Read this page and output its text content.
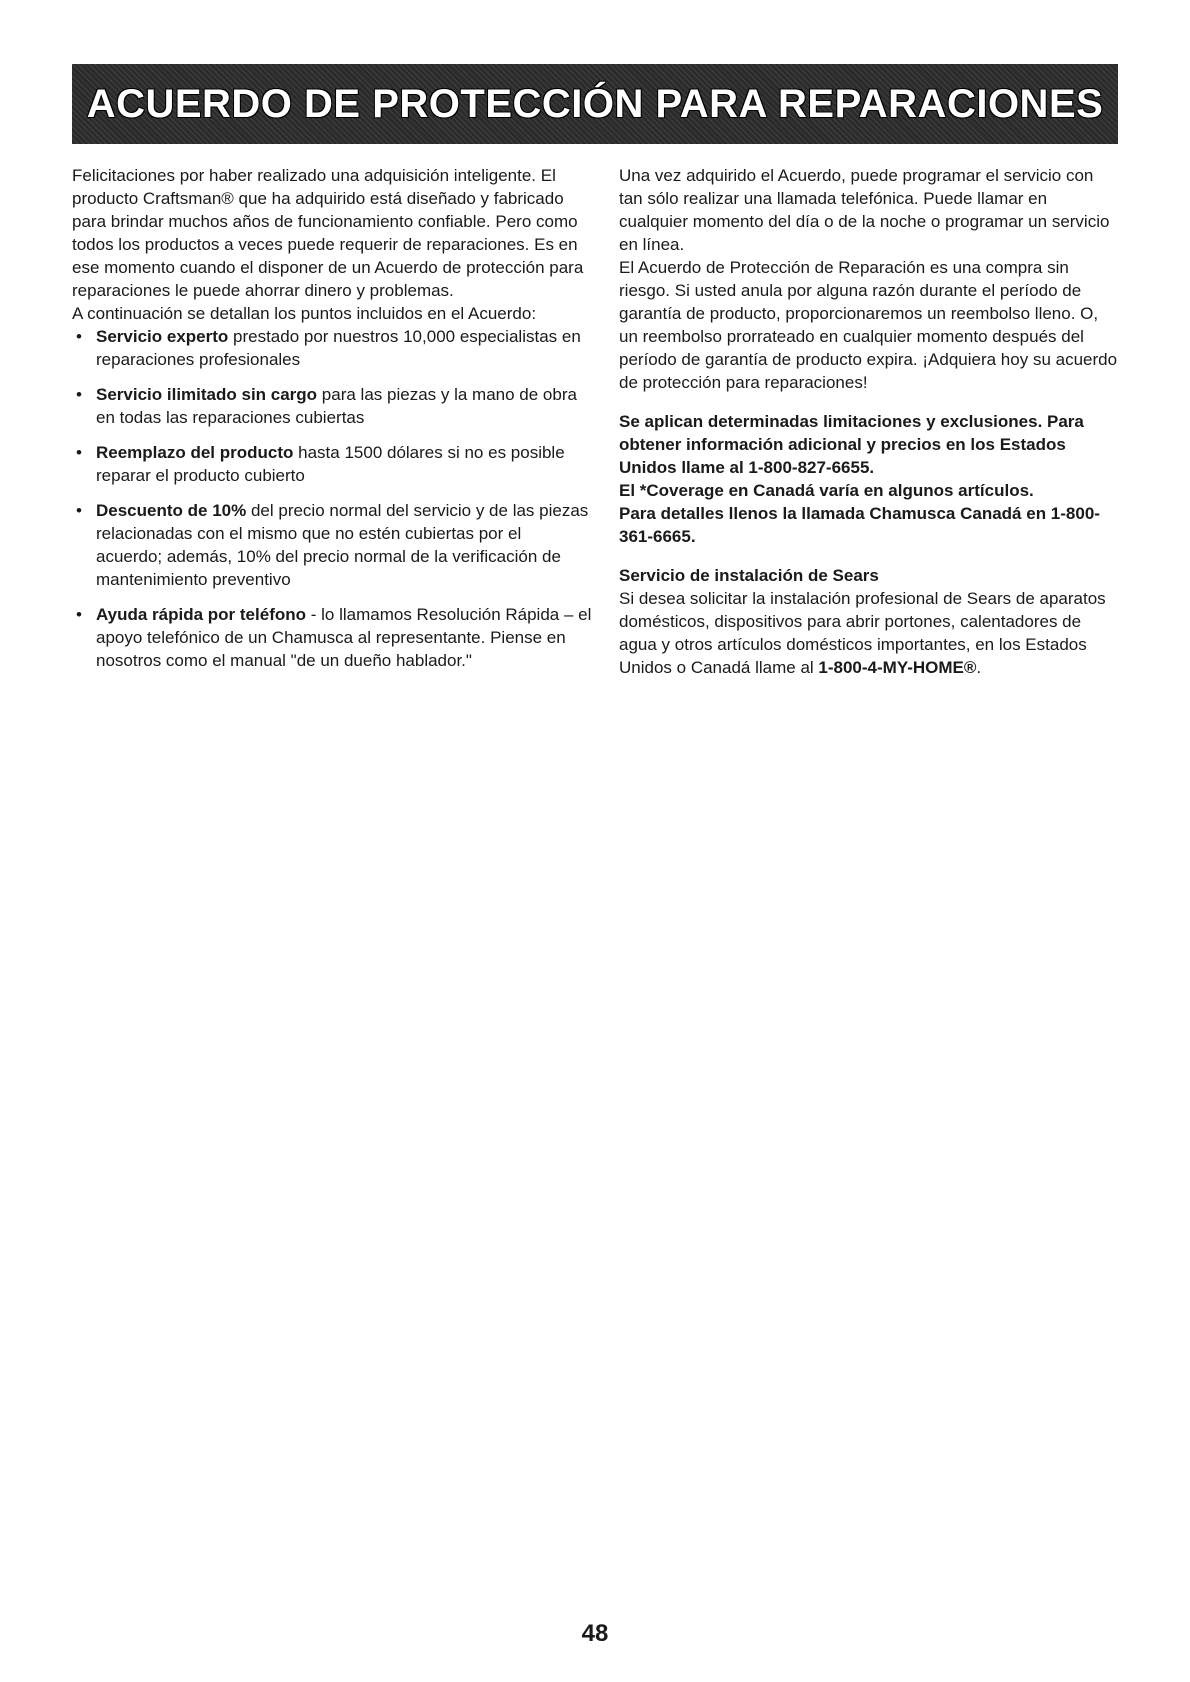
ACUERDO DE PROTECCIÓN PARA REPARACIONES

Felicitaciones por haber realizado una adquisición inteligente. El producto Craftsman® que ha adquirido está diseñado y fabricado para brindar muchos años de funcionamiento confiable. Pero como todos los productos a veces puede requerir de reparaciones. Es en ese momento cuando el disponer de un Acuerdo de protección para reparaciones le puede ahorrar dinero y problemas.

A continuación se detallan los puntos incluidos en el Acuerdo:

• Servicio experto prestado por nuestros 10,000 especialistas en reparaciones profesionales
• Servicio ilimitado sin cargo para las piezas y la mano de obra en todas las reparaciones cubiertas
• Reemplazo del producto hasta 1500 dólares si no es posible reparar el producto cubierto
• Descuento de 10% del precio normal del servicio y de las piezas relacionadas con el mismo que no estén cubiertas por el acuerdo; además, 10% del precio normal de la verificación de mantenimiento preventivo
• Ayuda rápida por teléfono - lo llamamos Resolución Rápida – el apoyo telefónico de un Chamusca al representante. Piense en nosotros como el manual "de un dueño hablador."

Una vez adquirido el Acuerdo, puede programar el servicio con tan sólo realizar una llamada telefónica. Puede llamar en cualquier momento del día o de la noche o programar un servicio en línea.

El Acuerdo de Protección de Reparación es una compra sin riesgo. Si usted anula por alguna razón durante el período de garantía de producto, proporcionaremos un reembolso lleno. O, un reembolso prorrateado en cualquier momento después del período de garantía de producto expira. ¡Adquiera hoy su acuerdo de protección para reparaciones!

Se aplican determinadas limitaciones y exclusiones. Para obtener información adicional y precios en los Estados Unidos llame al 1-800-827-6655.

El *Coverage en Canadá varía en algunos artículos.

Para detalles llenos la llamada Chamusca Canadá en 1-800-361-6665.

Servicio de instalación de Sears

Si desea solicitar la instalación profesional de Sears de aparatos domésticos, dispositivos para abrir portones, calentadores de agua y otros artículos domésticos importantes, en los Estados Unidos o Canadá llame al 1-800-4-MY-HOME®.

48
